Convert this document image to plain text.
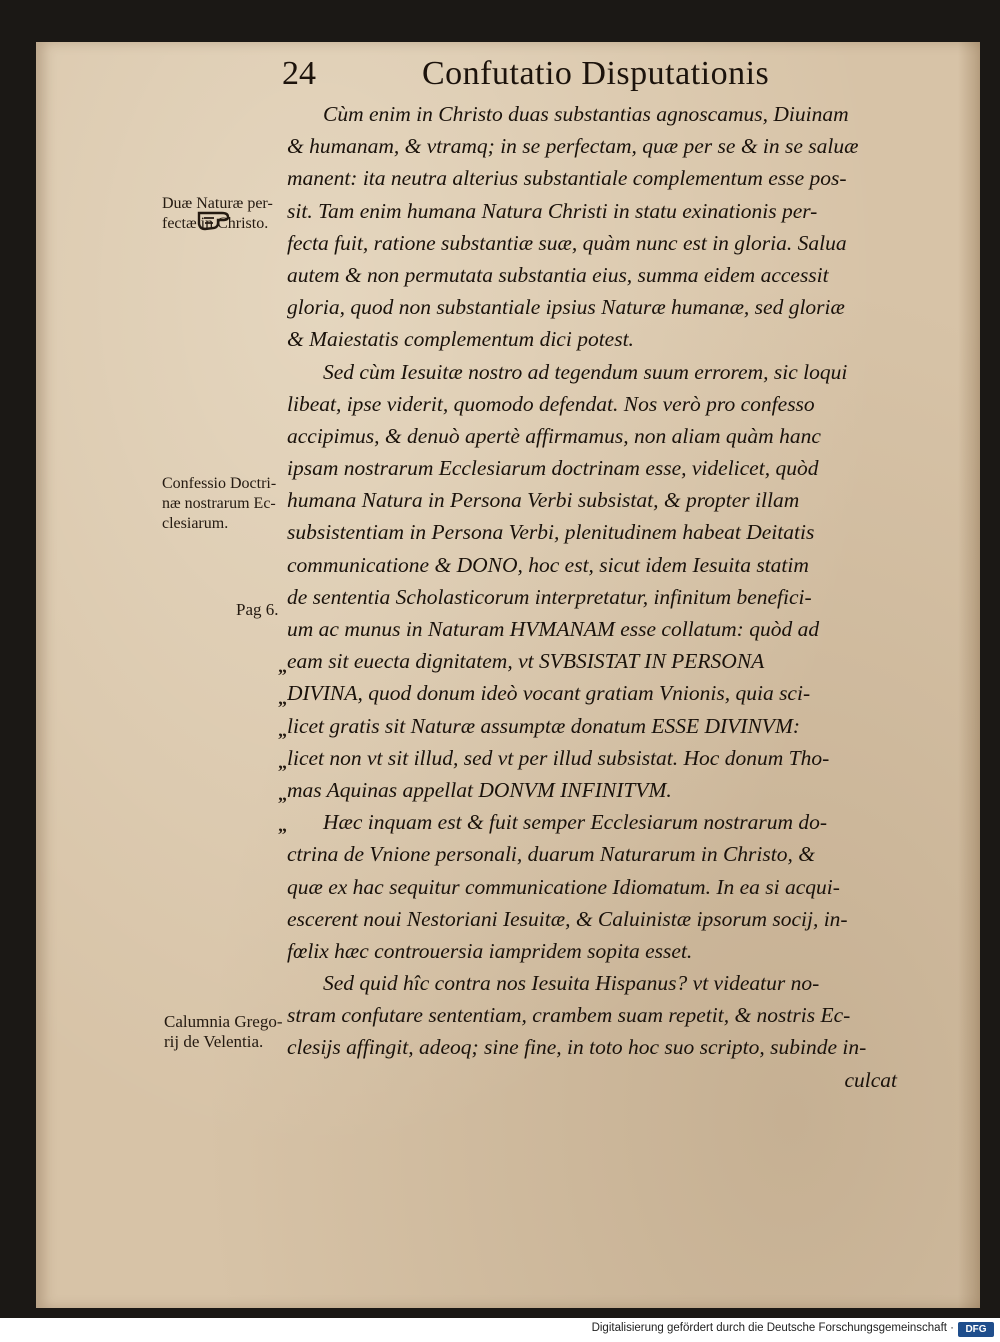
24	Confutatio Disputationis
Cùm enim in Christo duas substantias agnoscamus, Diuinam
& humanam, & vtramq; in se perfectam, quæ per se & in se saluæ
manent: ita neutra alterius substantiale complementum esse pos-
sit. Tam enim humana Natura Christi in statu exinationis per-
fecta fuit, ratione substantiæ suæ, quàm nunc est in gloria. Salua
autem & non permutata substantia eius, summa eidem accessit
gloria, quod non substantiale ipsius Naturæ humanæ, sed gloriæ
& Maiestatis complementum dici potest.
Sed cùm Iesuitæ nostro ad tegendum suum errorem, sic loqui
libeat, ipse viderit, quomodo defendat. Nos verò pro confesso
accipimus, & denuò apertè affirmamus, non aliam quàm hanc
ipsam nostrarum Ecclesiarum doctrinam esse, videlicet, quòd
humana Natura in Persona Verbi subsistat, & propter illam
subsistentiam in Persona Verbi, plenitudinem habeat Deitatis
communicatione & DONO, hoc est, sicut idem Iesuita statim
de sententia Scholasticorum interpretatur, infinitum benefici-
um ac munus in Naturam HVMANAM esse collatum: quòd ad
eam sit euecta dignitatem, vt SVBSISTAT IN PERSONA
DIVINA, quod donum ideò vocant gratiam Vnionis, quia sci-
licet gratis sit Naturæ assumptæ donatum ESSE DIVINVM:
licet non vt sit illud, sed vt per illud subsistat. Hoc donum Tho-
mas Aquinas appellat DONVM INFINITVM.
Hæc inquam est & fuit semper Ecclesiarum nostrarum do-
ctrina de Vnione personali, duarum Naturarum in Christo, &
quæ ex hac sequitur communicatione Idiomatum. In ea si acqui-
escerent noui Nestoriani Iesuitæ, & Caluinistæ ipsorum socij, in-
fœlix hæc controuersia iampridem sopita esset.
Sed quid hîc contra nos Iesuita Hispanus? vt videatur no-
stram confutare sententiam, crambem suam repetit, & nostris Ec-
clesijs affingit, adeoq; sine fine, in toto hoc suo scripto, subinde in-
culcat
Duæ Naturæ per-
fectæ in Christo.
Confessio Doctri-
næ nostrarum Ec-
clesiarum.
Pag 6.
„
„
„
„
„
„
Calumnia Grego-
rij de Velentia.
Digitalisierung gefördert durch die Deutsche Forschungsgemeinschaft ·	DFG
